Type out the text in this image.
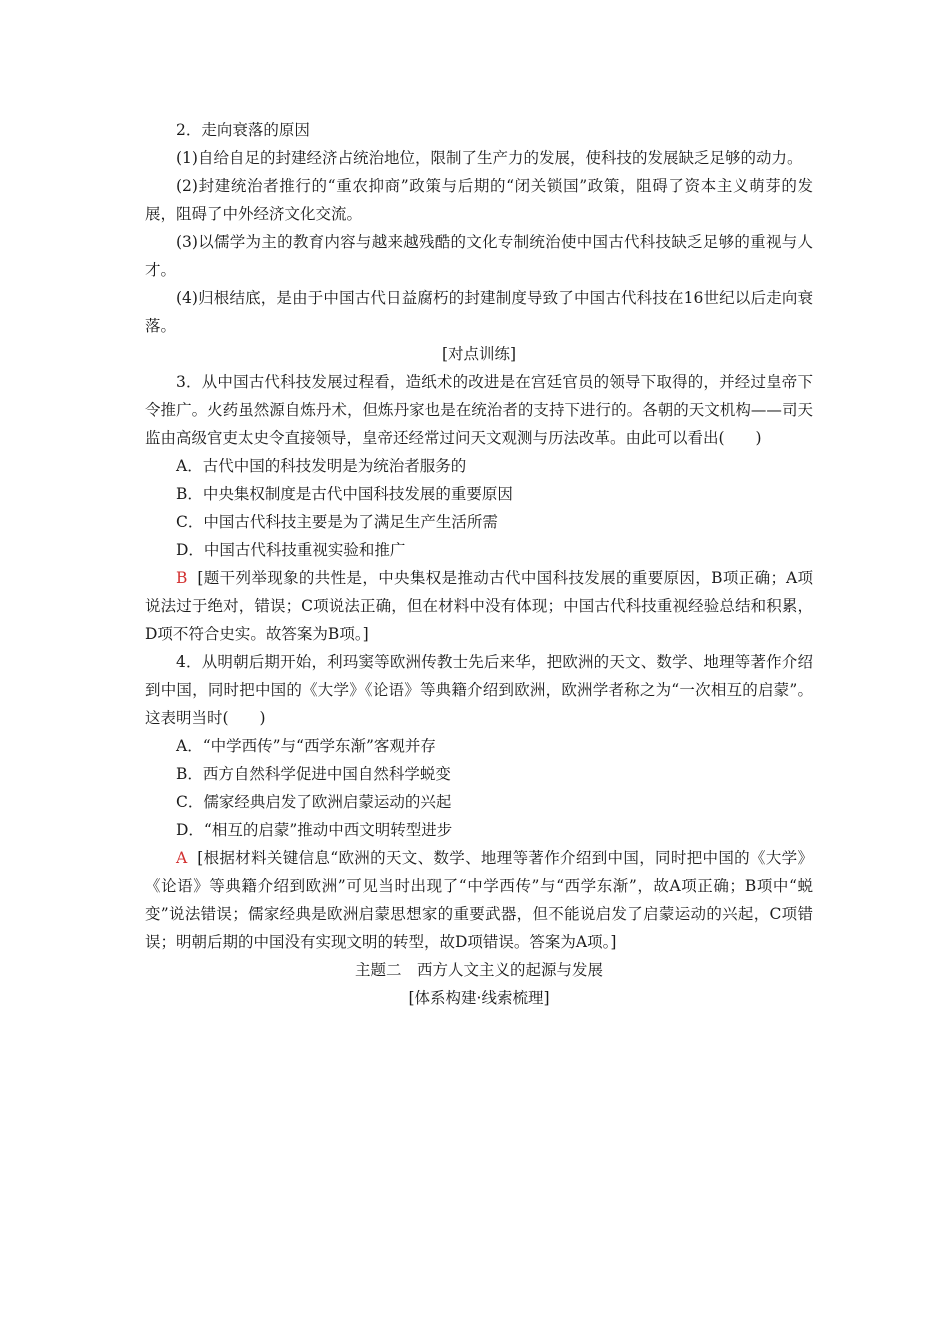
2．走向衰落的原因

(1)自给自足的封建经济占统治地位，限制了生产力的发展，使科技的发展缺乏足够的动力。

(2)封建统治者推行的“重农抑商”政策与后期的“闭关锁国”政策，阻碍了资本主义萌芽的发展，阻碍了中外经济文化交流。

(3)以儒学为主的教育内容与越来越残酷的文化专制统治使中国古代科技缺乏足够的重视与人才。

(4)归根结底，是由于中国古代日益腐朽的封建制度导致了中国古代科技在16世纪以后走向衰落。

[对点训练]

3．从中国古代科技发展过程看，造纸术的改进是在宫廷官员的领导下取得的，并经过皇帝下令推广。火药虽然源自炼丹术，但炼丹家也是在统治者的支持下进行的。各朝的天文机构——司天监由高级官吏太史令直接领导，皇帝还经常过问天文观测与历法改革。由此可以看出(　　)

A．古代中国的科技发明是为统治者服务的

B．中央集权制度是古代中国科技发展的重要原因

C．中国古代科技主要是为了满足生产生活所需

D．中国古代科技重视实验和推广

B [题干列举现象的共性是，中央集权是推动古代中国科技发展的重要原因，B项正确；A项说法过于绝对，错误；C项说法正确，但在材料中没有体现；中国古代科技重视经验总结和积累，D项不符合史实。故答案为B项。]

4．从明朝后期开始，利玛窦等欧洲传教士先后来华，把欧洲的天文、数学、地理等著作介绍到中国，同时把中国的《大学》《论语》等典籍介绍到欧洲，欧洲学者称之为“一次相互的启蒙”。这表明当时(　　)

A．“中学西传”与“西学东渐”客观并存

B．西方自然科学促进中国自然科学蜕变

C．儒家经典启发了欧洲启蒙运动的兴起

D．“相互的启蒙”推动中西文明转型进步

A [根据材料关键信息“欧洲的天文、数学、地理等著作介绍到中国，同时把中国的《大学》《论语》等典籍介绍到欧洲”可见当时出现了“中学西传”与“西学东渐”，故A项正确；B项中“蜕变”说法错误；儒家经典是欧洲启蒙思想家的重要武器，但不能说启发了启蒙运动的兴起，C项错误；明朝后期的中国没有实现文明的转型，故D项错误。答案为A项。]

主题二　西方人文主义的起源与发展

[体系构建·线索梳理]
